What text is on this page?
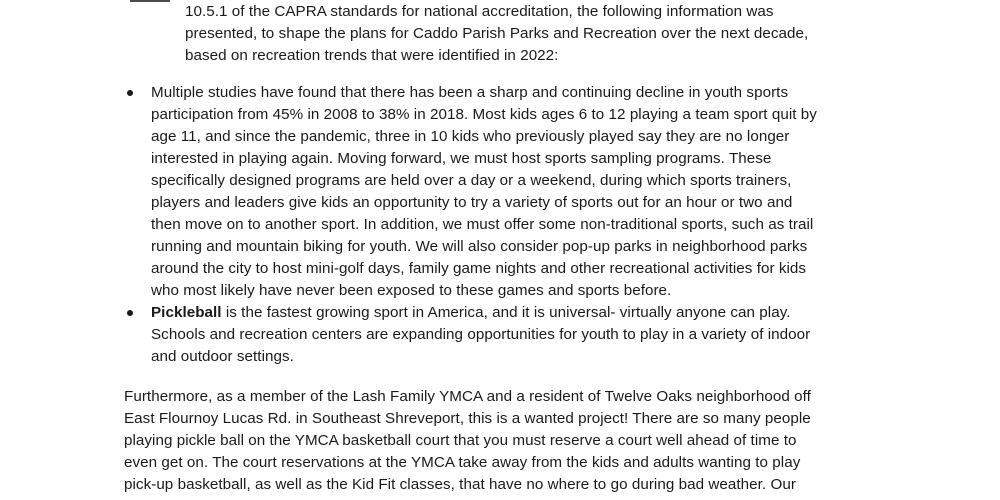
10.5.1 of the CAPRA standards for national accreditation, the following information was
presented, to shape the plans for Caddo Parish Parks and Recreation over the next decade,
based on recreation trends that were identified in 2022:

Multiple studies have found that there has been a sharp and continuing decline in youth sports
participation from 45% in 2008 to 38% in 2018. Most kids ages 6 to 12 playing a team sport quit by
age 11, and since the pandemic, three in 10 kids who previously played say they are no longer
interested in playing again. Moving forward, we must host sports sampling programs. These
specifically designed programs are held over a day or a weekend, during which sports trainers,
players and leaders give kids an opportunity to try a variety of sports out for an hour or two and
then move on to another sport. In addition, we must offer some non-traditional sports, such as trail
running and mountain biking for youth. We will also consider pop-up parks in neighborhood parks
around the city to host mini-golf days, family game nights and other recreational activities for kids
who most likely have never been exposed to these games and sports before.
Pickleball is the fastest growing sport in America, and it is universal- virtually anyone can play.
Schools and recreation centers are expanding opportunities for youth to play in a variety of indoor
and outdoor settings.

Furthermore, as a member of the Lash Family YMCA and a resident of Twelve Oaks neighborhood off
East Flournoy Lucas Rd. in Southeast Shreveport, this is a wanted project! There are so many people
playing pickle ball on the YMCA basketball court that you must reserve a court well ahead of time to
even get on. The court reservations at the YMCA take away from the kids and adults wanting to play
pick-up basketball, as well as the Kid Fit classes, that have no where to go during bad weather. Our
